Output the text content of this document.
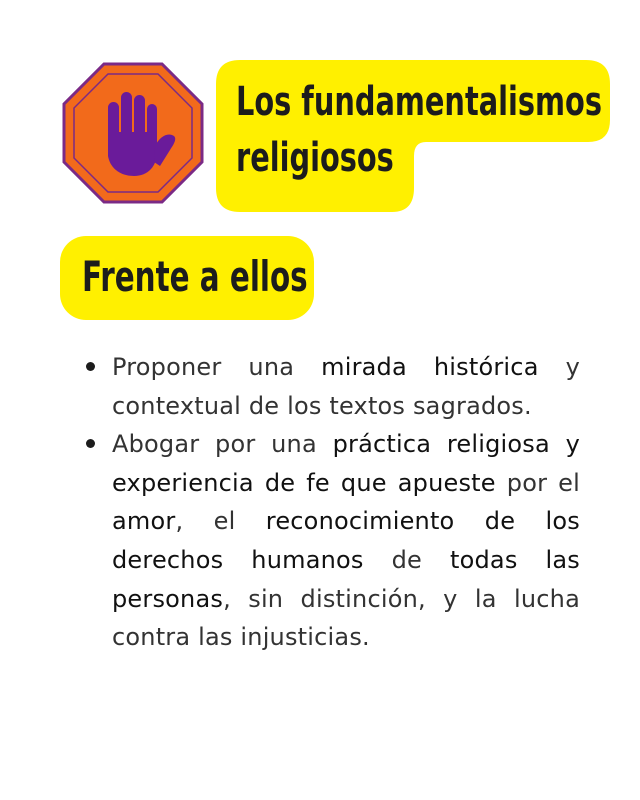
Los fundamentalismos
religiosos
Frente a ellos
Proponer una mirada histórica y contextual de los textos sagrados.
Abogar por una práctica religiosa y experiencia de fe que apueste por el amor, el reconocimiento de los derechos humanos de todas las personas, sin distinción, y la lucha contra las injusticias.
